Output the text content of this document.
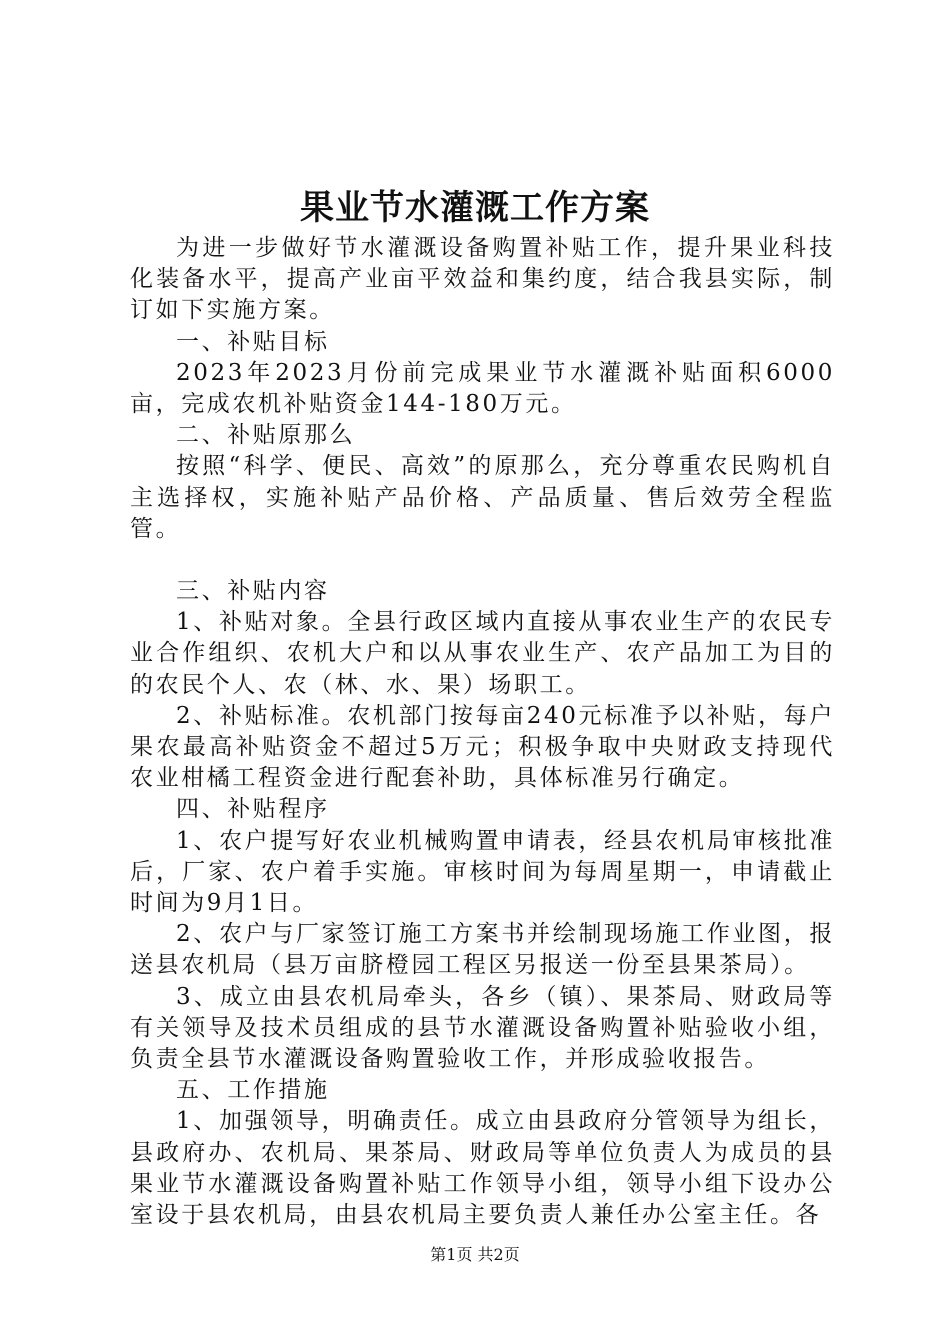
果业节水灌溉工作方案

为进一步做好节水灌溉设备购置补贴工作，提升果业科技化装备水平，提高产业亩平效益和集约度，结合我县实际，制订如下实施方案。

一、补贴目标

2023年2023月份前完成果业节水灌溉补贴面积6000亩，完成农机补贴资金144-180万元。

二、补贴原那么

按照“科学、便民、高效”的原那么，充分尊重农民购机自主选择权，实施补贴产品价格、产品质量、售后效劳全程监管。

三、补贴内容

1、补贴对象。全县行政区域内直接从事农业生产的农民专业合作组织、农机大户和以从事农业生产、农产品加工为目的的农民个人、农（林、水、果）场职工。

2、补贴标准。农机部门按每亩240元标准予以补贴，每户果农最高补贴资金不超过5万元；积极争取中央财政支持现代农业柑橘工程资金进行配套补助，具体标准另行确定。

四、补贴程序

1、农户提写好农业机械购置申请表，经县农机局审核批准后，厂家、农户着手实施。审核时间为每周星期一，申请截止时间为9月1日。

2、农户与厂家签订施工方案书并绘制现场施工作业图，报送县农机局（县万亩脐橙园工程区另报送一份至县果茶局）。

3、成立由县农机局牵头，各乡（镇）、果茶局、财政局等有关领导及技术员组成的县节水灌溉设备购置补贴验收小组，负责全县节水灌溉设备购置验收工作，并形成验收报告。

五、工作措施

1、加强领导，明确责任。成立由县政府分管领导为组长，县政府办、农机局、果茶局、财政局等单位负责人为成员的县果业节水灌溉设备购置补贴工作领导小组，领导小组下设办公室设于县农机局，由县农机局主要负责人兼任办公室主任。各

第1页 共2页
